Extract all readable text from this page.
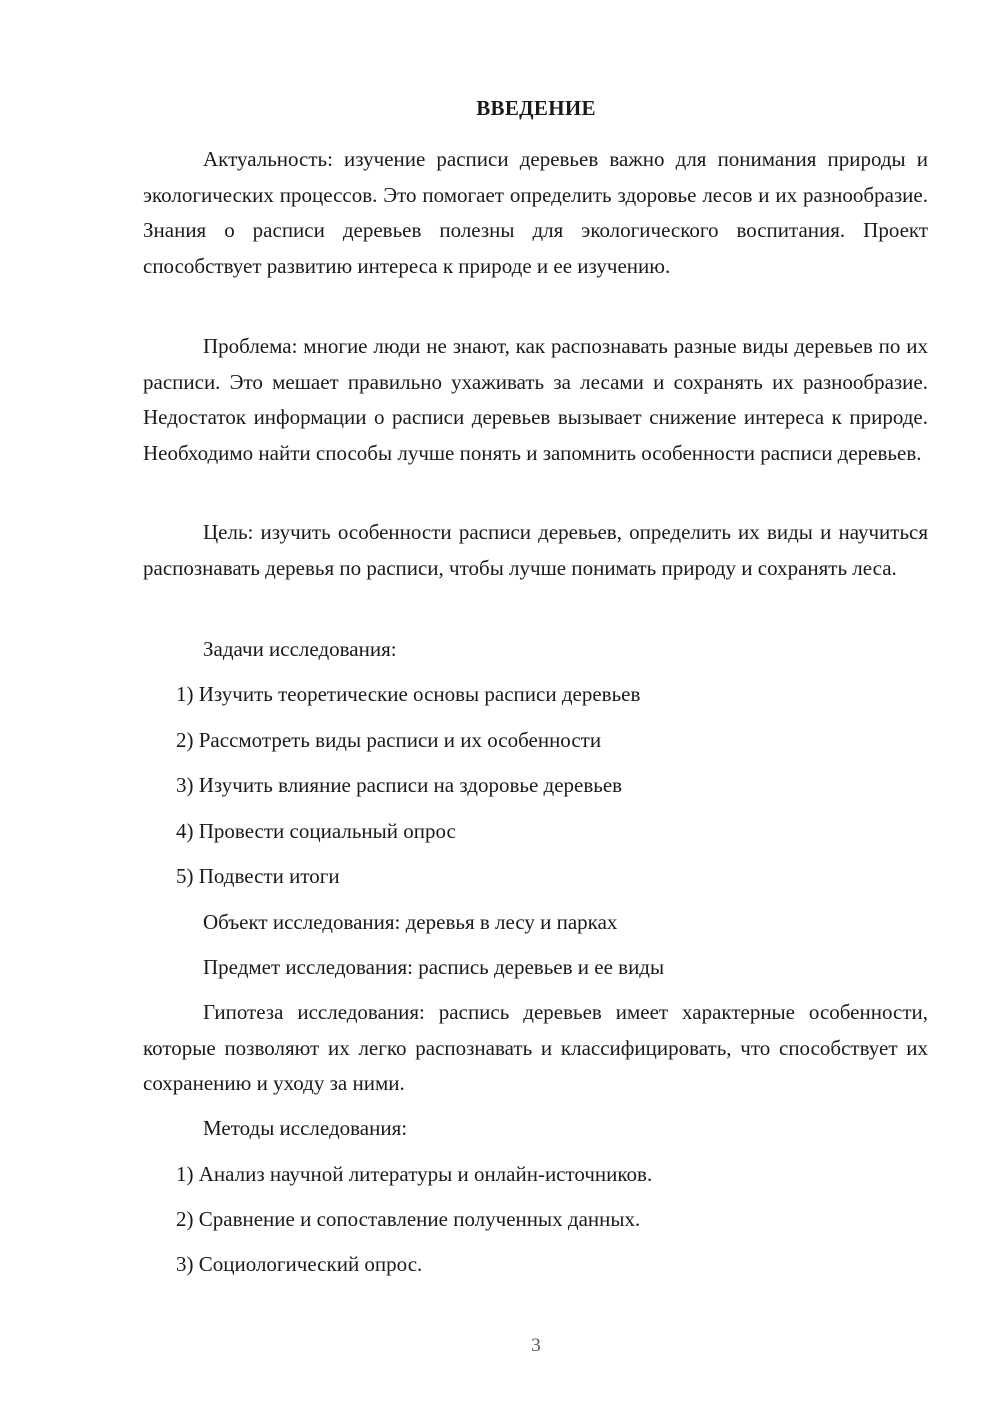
ВВЕДЕНИЕ

Актуальность: изучение расписи деревьев важно для понимания природы и экологических процессов. Это помогает определить здоровье лесов и их разнообразие. Знания о расписи деревьев полезны для экологического воспитания. Проект способствует развитию интереса к природе и ее изучению.

Проблема: многие люди не знают, как распознавать разные виды деревьев по их расписи. Это мешает правильно ухаживать за лесами и сохранять их разнообразие. Недостаток информации о расписи деревьев вызывает снижение интереса к природе. Необходимо найти способы лучше понять и запомнить особенности расписи деревьев.

Цель: изучить особенности расписи деревьев, определить их виды и научиться распознавать деревья по расписи, чтобы лучше понимать природу и сохранять леса.

Задачи исследования:

1) Изучить теоретические основы расписи деревьев

2) Рассмотреть виды расписи и их особенности

3) Изучить влияние расписи на здоровье деревьев

4) Провести социальный опрос

5) Подвести итоги

Объект исследования: деревья в лесу и парках

Предмет исследования: распись деревьев и ее виды

Гипотеза исследования: распись деревьев имеет характерные особенности, которые позволяют их легко распознавать и классифицировать, что способствует их сохранению и уходу за ними.

Методы исследования:

1) Анализ научной литературы и онлайн-источников.

2) Сравнение и сопоставление полученных данных.

3) Социологический опрос.

3
